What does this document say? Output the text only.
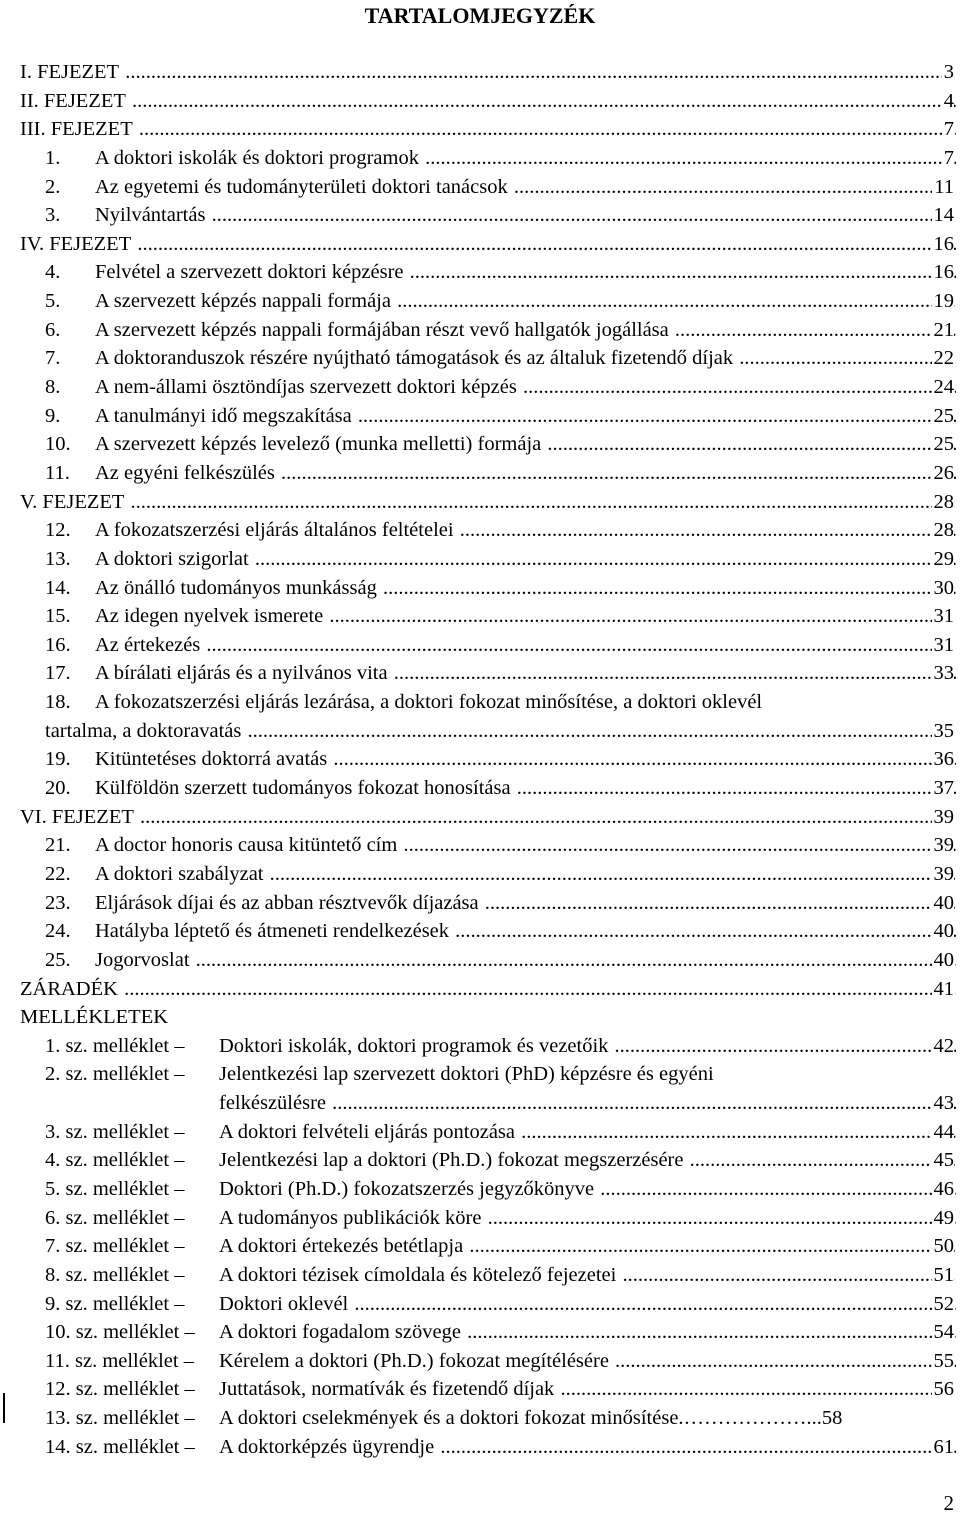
TARTALOMJEGYZÉK
I. FEJEZET .....	3
II. FEJEZET .....	4
III. FEJEZET .....	7
1. A doktori iskolák és doktori programok .....	7
2. Az egyetemi és tudományterületi doktori tanácsok .....	11
3. Nyilvántartás .....	14
IV. FEJEZET .....	16
4. Felvétel a szervezett doktori képzésre .....	16
5. A szervezett képzés nappali formája .....	19
6. A szervezett képzés nappali formájában részt vevő hallgatók jogállása .....	21
7. A doktoranduszok részére nyújtható támogatások és az általuk fizetendő díjak .....	22
8. A nem-állami ösztöndíjas szervezett doktori képzés .....	24
9. A tanulmányi idő megszakítása .....	25
10. A szervezett képzés levelező (munka melletti) formája .....	25
11. Az egyéni felkészülés .....	26
V. FEJEZET .....	28
12. A fokozatszerzési eljárás általános feltételei .....	28
13. A doktori szigorlat .....	29
14. Az önálló tudományos munkásság .....	30
15. Az idegen nyelvek ismerete .....	31
16. Az értekezés .....	31
17. A bírálati eljárás és a nyilvános vita .....	33
18. A fokozatszerzési eljárás lezárása, a doktori fokozat minősítése, a doktori oklevél
tartalma, a doktoravatás .....	35
19. Kitüntetéses doktorrá avatás .....	36
20. Külföldön szerzett tudományos fokozat honosítása .....	37
VI. FEJEZET .....	39
21. A doctor honoris causa kitüntető cím .....	39
22. A doktori szabályzat .....	39
23. Eljárások díjai és az abban résztvevők díjazása .....	40
24. Hatályba léptető és átmeneti rendelkezések .....	40
25. Jogorvoslat .....	40
ZÁRADÉK .....	41
MELLÉKLETEK
1. sz. melléklet – Doktori iskolák, doktori programok és vezetőik .....	42
2. sz. melléklet – Jelentkezési lap szervezett doktori (PhD) képzésre és egyéni
felkészülésre .....	43
3. sz. melléklet – A doktori felvételi eljárás pontozása .....	44
4. sz. melléklet – Jelentkezési lap a doktori (Ph.D.) fokozat megszerzésére .....	45
5. sz. melléklet – Doktori (Ph.D.) fokozatszerzés jegyzőkönyve .....	46
6. sz. melléklet – A tudományos publikációk köre .....	49
7. sz. melléklet – A doktori értekezés betétlapja .....	50
8. sz. melléklet – A doktori tézisek címoldala és kötelező fejezetei .....	51
9. sz. melléklet – Doktori oklevél .....	52
10. sz. melléklet – A doktori fogadalom szövege .....	54
11. sz. melléklet – Kérelem a doktori (Ph.D.) fokozat megítélésére .....	55
12. sz. melléklet – Juttatások, normatívák és fizetendő díjak .....	56
13. sz. melléklet – A doktori cselekmények és a doktori fokozat minősítése.………………...58
14. sz. melléklet – A doktorképzés ügyrendje .....	61
2
